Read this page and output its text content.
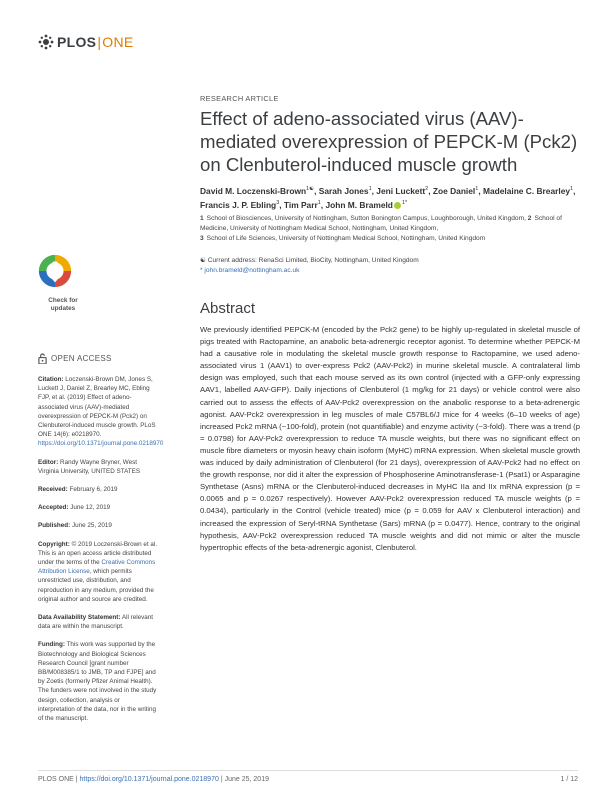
PLOS|ONE
RESEARCH ARTICLE
Effect of adeno-associated virus (AAV)-mediated overexpression of PEPCK-M (Pck2) on Clenbuterol-induced muscle growth
David M. Loczenski-Brown$^{1☯}$, Sarah Jones$^1$, Jeni Luckett$^2$, Zoe Daniel$^1$, Madelaine C. Brearley$^1$, Francis J. P. Ebling$^3$, Tim Parr$^1$, John M. Brameld $^{1*}$
1 School of Biosciences, University of Nottingham, Sutton Bonington Campus, Loughborough, United Kingdom, 2 School of Medicine, University of Nottingham Medical School, Nottingham, United Kingdom,
3 School of Life Sciences, University of Nottingham Medical School, Nottingham, United Kingdom
☯ Current address: RenaSci Limited, BioCity, Nottingham, United Kingdom
* john.brameld@nottingham.ac.uk
Check for
updates	Abstract

We previously identified PEPCK-M (encoded by the Pck2 gene) to be highly up-regulated in skeletal muscle of pigs treated with Ractopamine, an anabolic beta-adrenergic receptor agonist. To determine whether PEPCK-M had a causative role in modulating the skeletal muscle growth response to Ractopamine, we used adeno-associated virus 1 (AAV1) to over-express Pck2 (AAV-Pck2) in murine skeletal muscle. A contralateral limb design was employed, such that each mouse served as its own control (injected with a GFP-only expressing AAV1, labelled AAV-GFP). Daily injections of Clenbuterol (1 mg/kg for 21 days) or vehicle control were also carried out to assess the effects of AAV-Pck2 overexpression on the anabolic response to a beta-adrenergic agonist. AAV-Pck2 overexpression in leg muscles of male C57BL6/J mice for 4 weeks (6–10 weeks of age) increased Pck2 mRNA (~100-fold), protein (not quantifiable) and enzyme activity (~3-fold). There was a trend (p = 0.0798) for AAV-Pck2 overexpression to reduce TA muscle weights, but there was no significant effect on muscle fibre diameters or myosin heavy chain isoform (MyHC) mRNA expression. When skeletal muscle growth was induced by daily administration of Clenbuterol (for 21 days), overexpression of AAV-Pck2 had no effect on the growth response, nor did it alter the expression of Phosphoserine Aminotransferase-1 (Psat1) or Asparagine Synthetase (Asns) mRNA or the Clenbuterol-induced decreases in MyHC IIa and IIx mRNA expression (p = 0.0065 and p = 0.0267 respectively). However AAV-Pck2 overexpression reduced TA muscle weights (p = 0.0434), particularly in the Control (vehicle treated) mice (p = 0.059 for AAV x Clenbuterol interaction) and increased the expression of Seryl-tRNA Synthetase (Sars) mRNA (p = 0.0477). Hence, contrary to the original hypothesis, AAV-Pck2 overexpression reduced TA muscle weights and did not mimic or alter the muscle hypertrophic effects of the beta-adrenergic agonist, Clenbuterol.

OPEN ACCESS
Citation: Loczenski-Brown DM, Jones S, Luckett J, Daniel Z, Brearley MC, Ebling FJP, et al. (2019) Effect of adeno-associated virus (AAV)-mediated overexpression of PEPCK-M (Pck2) on Clenbuterol-induced muscle growth. PLoS ONE 14(6): e0218970. https://doi.org/10.1371/journal.pone.0218970
Editor: Randy Wayne Bryner, West Virginia University, UNITED STATES
Received: February 6, 2019
Accepted: June 12, 2019
Published: June 25, 2019
Copyright: © 2019 Loczenski-Brown et al. This is an open access article distributed under the terms of the Creative Commons Attribution License, which permits unrestricted use, distribution, and reproduction in any medium, provided the original author and source are credited.
Data Availability Statement: All relevant data are within the manuscript.
Funding: This work was supported by the Biotechnology and Biological Sciences Research Council [grant number BB/M008385/1 to JMB, TP and FJPE] and by Zoetis (formerly Pfizer Animal Health). The funders were not involved in the study design, collection, analysis or interpretation of the data, nor in the writing of the manuscript.
PLOS ONE | https://doi.org/10.1371/journal.pone.0218970 | June 25, 2019	1 / 12
